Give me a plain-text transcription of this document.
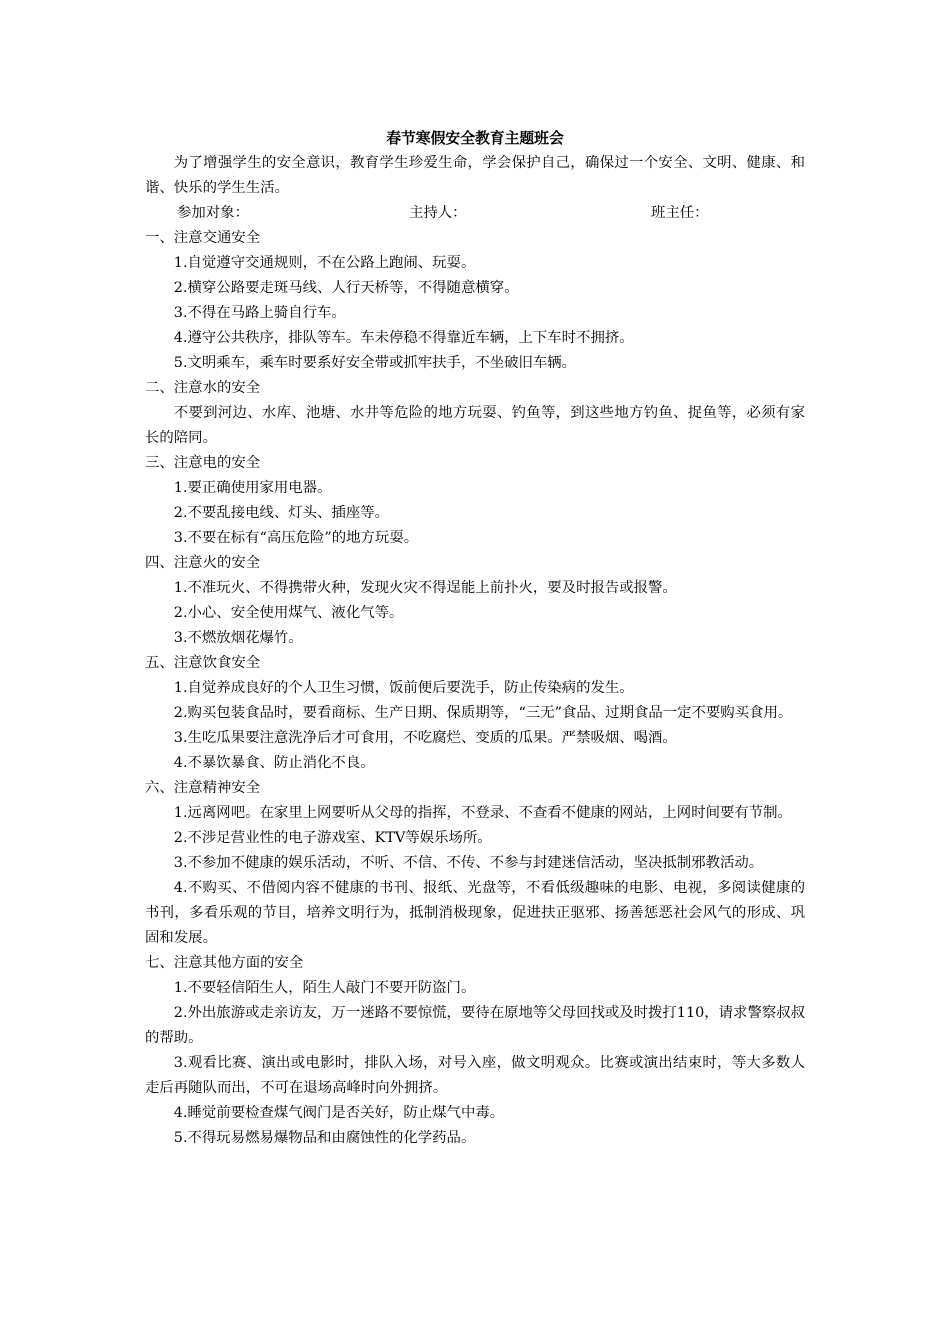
春节寒假安全教育主题班会

为了增强学生的安全意识，教育学生珍爱生命，学会保护自己，确保过一个安全、文明、健康、和谐、快乐的学生生活。

参加对象：	主持人：	班主任：

一、注意交通安全

1.自觉遵守交通规则，不在公路上跑闹、玩耍。

2.横穿公路要走斑马线、人行天桥等，不得随意横穿。

3.不得在马路上骑自行车。

4.遵守公共秩序，排队等车。车未停稳不得靠近车辆，上下车时不拥挤。

5.文明乘车，乘车时要系好安全带或抓牢扶手，不坐破旧车辆。

二、注意水的安全

不要到河边、水库、池塘、水井等危险的地方玩耍、钓鱼等，到这些地方钓鱼、捉鱼等，必须有家长的陪同。

三、注意电的安全

1.要正确使用家用电器。

2.不要乱接电线、灯头、插座等。

3.不要在标有“高压危险”的地方玩耍。

四、注意火的安全

1.不准玩火、不得携带火种，发现火灾不得逞能上前扑火，要及时报告或报警。

2.小心、安全使用煤气、液化气等。

3.不燃放烟花爆竹。

五、注意饮食安全

1.自觉养成良好的个人卫生习惯，饭前便后要洗手，防止传染病的发生。

2.购买包装食品时，要看商标、生产日期、保质期等，“三无”食品、过期食品一定不要购买食用。

3.生吃瓜果要注意洗净后才可食用，不吃腐烂、变质的瓜果。严禁吸烟、喝酒。

4.不暴饮暴食、防止消化不良。

六、注意精神安全

1.远离网吧。在家里上网要听从父母的指挥，不登录、不查看不健康的网站，上网时间要有节制。

2.不涉足营业性的电子游戏室、KTV等娱乐场所。

3.不参加不健康的娱乐活动，不听、不信、不传、不参与封建迷信活动，坚决抵制邪教活动。

4.不购买、不借阅内容不健康的书刊、报纸、光盘等，不看低级趣味的电影、电视，多阅读健康的书刊，多看乐观的节目，培养文明行为，抵制消极现象，促进扶正驱邪、扬善惩恶社会风气的形成、巩固和发展。

七、注意其他方面的安全

1.不要轻信陌生人，陌生人敲门不要开防盗门。

2.外出旅游或走亲访友，万一迷路不要惊慌，要待在原地等父母回找或及时拨打110，请求警察叔叔的帮助。

3.观看比赛、演出或电影时，排队入场，对号入座，做文明观众。比赛或演出结束时，等大多数人走后再随队而出，不可在退场高峰时向外拥挤。

4.睡觉前要检查煤气阀门是否关好，防止煤气中毒。

5.不得玩易燃易爆物品和由腐蚀性的化学药品。
